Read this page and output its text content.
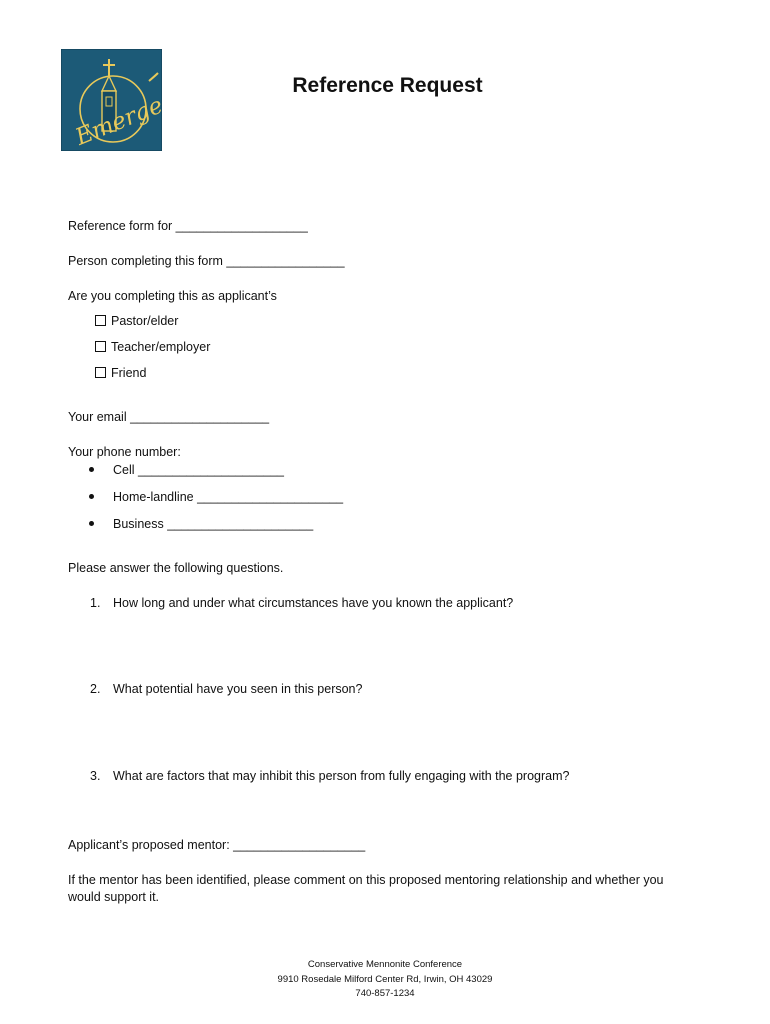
Emerge
Reference Request
Reference form for ___________________
Person completing this form _________________
Are you completing this as applicant’s
Pastor/elder
Teacher/employer
Friend
Your email ____________________
Your phone number:
Cell _____________________
Home-landline _____________________
Business _____________________
Please answer the following questions.
1. How long and under what circumstances have you known the applicant?
2. What potential have you seen in this person?
3. What are factors that may inhibit this person from fully engaging with the program?
Applicant’s proposed mentor: ___________________
If the mentor has been identified, please comment on this proposed mentoring relationship and whether you
would support it.
Conservative Mennonite Conference
9910 Rosedale Milford Center Rd, Irwin, OH 43029
740-857-1234
